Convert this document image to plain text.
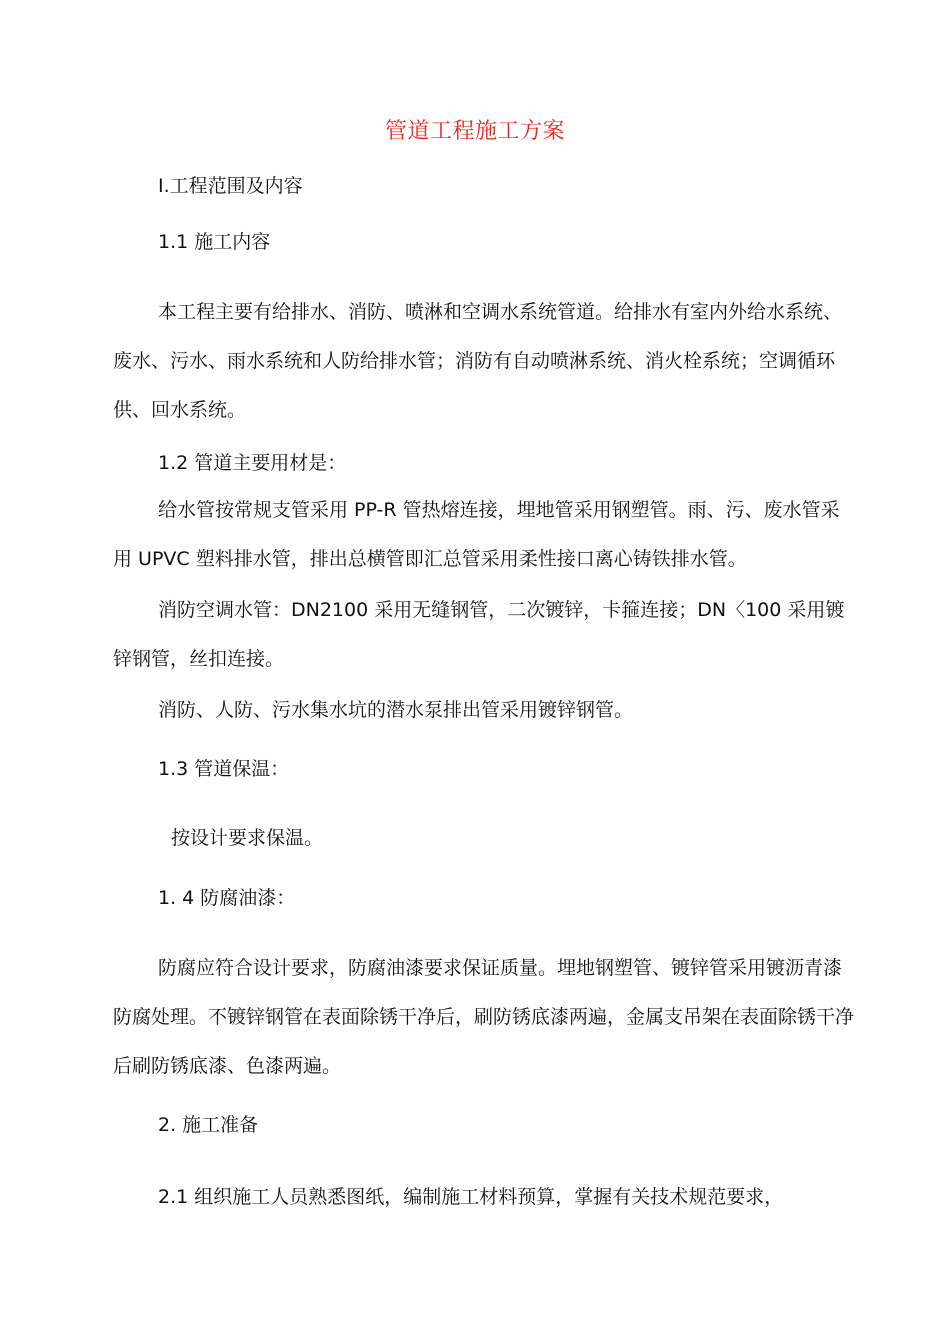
管道工程施工方案
I.工程范围及内容
1.1 施工内容
本工程主要有给排水、消防、喷淋和空调水系统管道。给排水有室内外给水系统、废水、污水、雨水系统和人防给排水管；消防有自动喷淋系统、消火栓系统；空调循环供、回水系统。
1.2 管道主要用材是：
给水管按常规支管采用 PP-R 管热熔连接，埋地管采用钢塑管。雨、污、废水管采用 UPVC 塑料排水管，排出总横管即汇总管采用柔性接口离心铸铁排水管。
消防空调水管：DN2100 采用无缝钢管，二次镀锌，卡箍连接；DN〈100 采用镀锌钢管，丝扣连接。
消防、人防、污水集水坑的潜水泵排出管采用镀锌钢管。
1.3 管道保温：
按设计要求保温。
1. 4 防腐油漆：
防腐应符合设计要求，防腐油漆要求保证质量。埋地钢塑管、镀锌管采用镀沥青漆防腐处理。不镀锌钢管在表面除锈干净后，刷防锈底漆两遍，金属支吊架在表面除锈干净后刷防锈底漆、色漆两遍。
2. 施工准备
2.1 组织施工人员熟悉图纸，编制施工材料预算，掌握有关技术规范要求，
